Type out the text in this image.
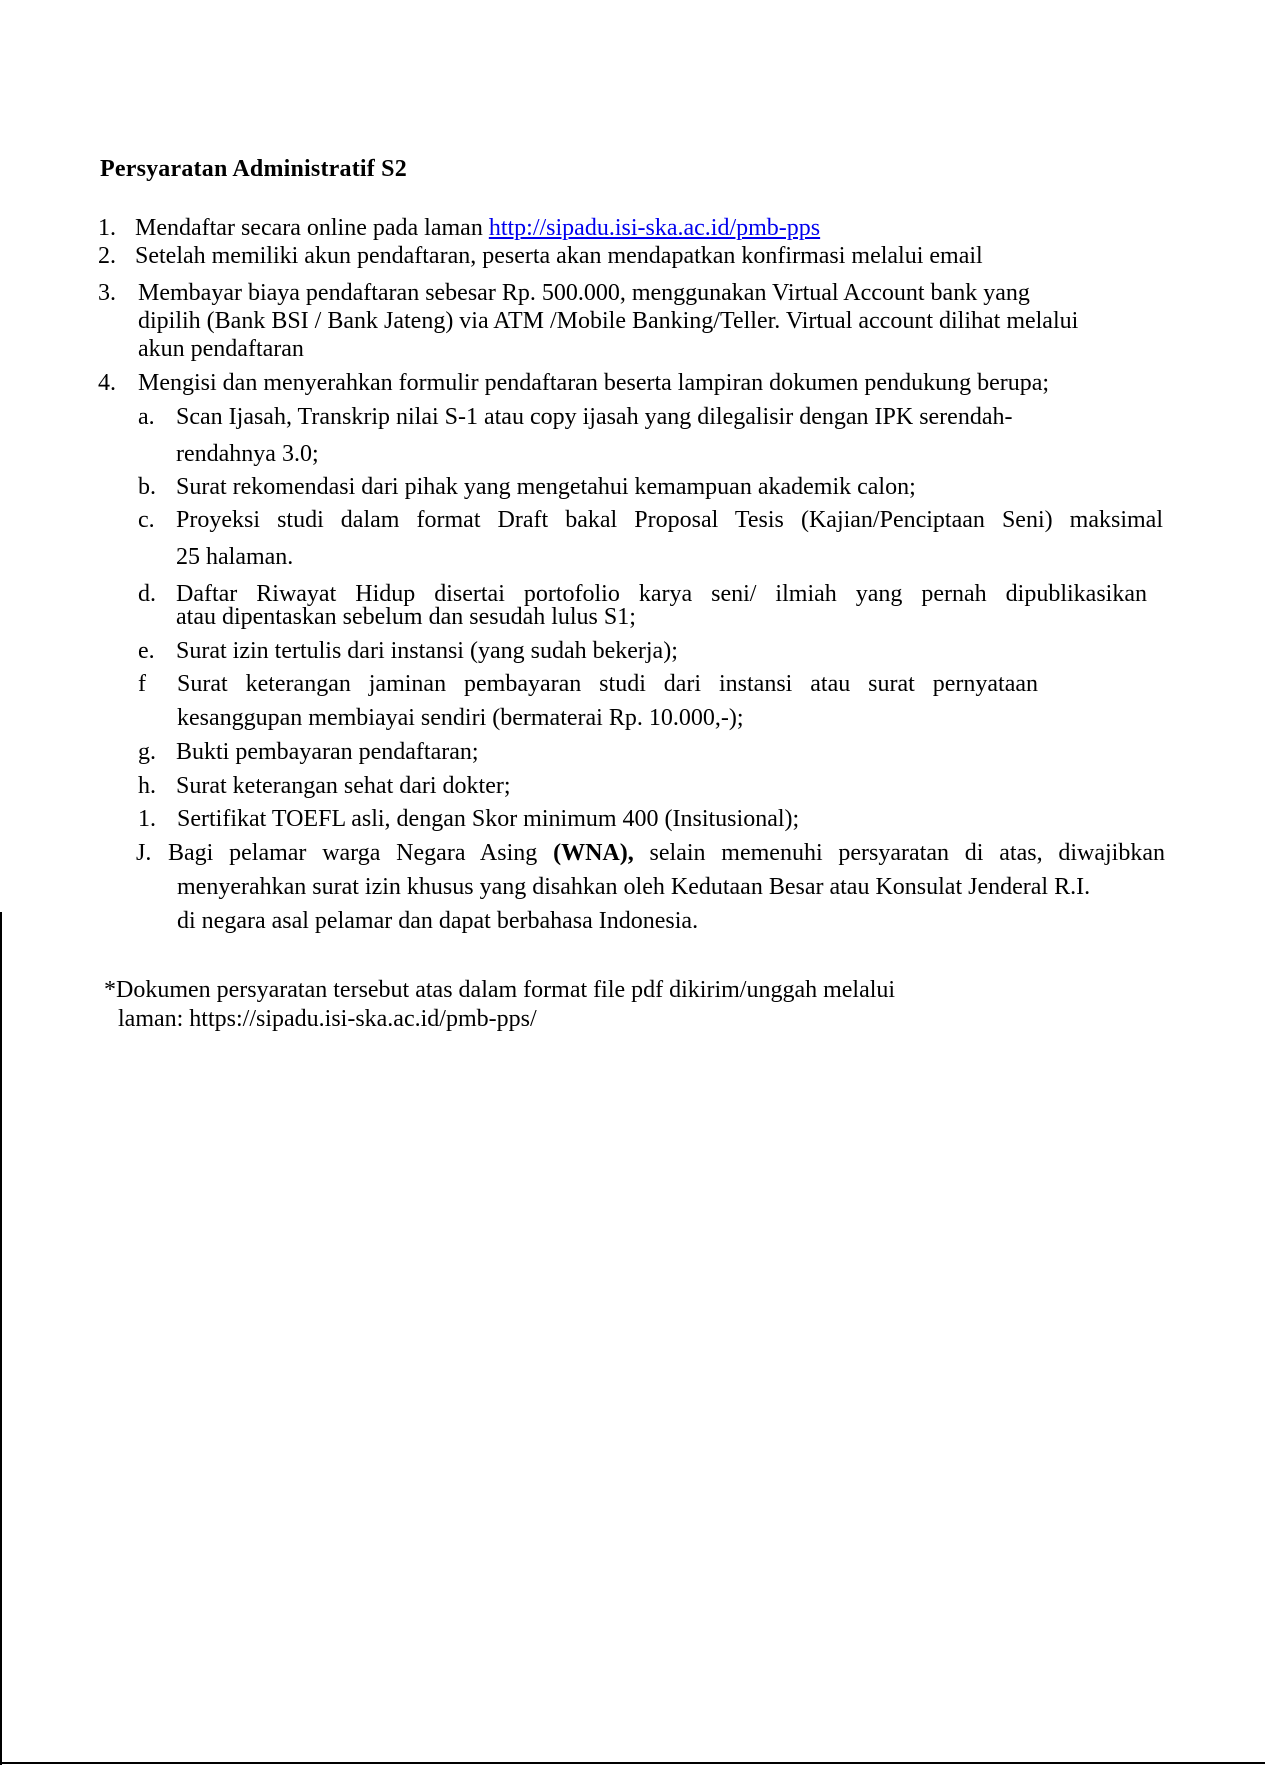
Persyaratan Administratif S2
1. Mendaftar secara online pada laman http://sipadu.isi-ska.ac.id/pmb-pps
2. Setelah memiliki akun pendaftaran, peserta akan mendapatkan konfirmasi melalui email
3. Membayar biaya pendaftaran sebesar Rp. 500.000, menggunakan Virtual Account bank yang
dipilih (Bank BSI / Bank Jateng) via ATM /Mobile Banking/Teller. Virtual account dilihat melalui
akun pendaftaran
4. Mengisi dan menyerahkan formulir pendaftaran beserta lampiran dokumen pendukung berupa;
a. Scan Ijasah, Transkrip nilai S-1 atau copy ijasah yang dilegalisir dengan IPK serendah-
rendahnya 3.0;
b. Surat rekomendasi dari pihak yang mengetahui kemampuan akademik calon;
c. Proyeksi studi dalam format Draft bakal Proposal Tesis (Kajian/Penciptaan Seni) maksimal
25 halaman.
d. Daftar Riwayat Hidup disertai portofolio karya seni/ ilmiah yang pernah dipublikasikan
atau dipentaskan sebelum dan sesudah lulus S1;
e. Surat izin tertulis dari instansi (yang sudah bekerja);
f Surat keterangan jaminan pembayaran studi dari instansi atau surat pernyataan
kesanggupan membiayai sendiri (bermaterai Rp. 10.000,-);
g. Bukti pembayaran pendaftaran;
h. Surat keterangan sehat dari dokter;
1. Sertifikat TOEFL asli, dengan Skor minimum 400 (Insitusional);
J. Bagi pelamar warga Negara Asing (WNA), selain memenuhi persyaratan di atas, diwajibkan
menyerahkan surat izin khusus yang disahkan oleh Kedutaan Besar atau Konsulat Jenderal R.I.
di negara asal pelamar dan dapat berbahasa Indonesia.
*Dokumen persyaratan tersebut atas dalam format file pdf dikirim/unggah melalui
laman: https://sipadu.isi-ska.ac.id/pmb-pps/
